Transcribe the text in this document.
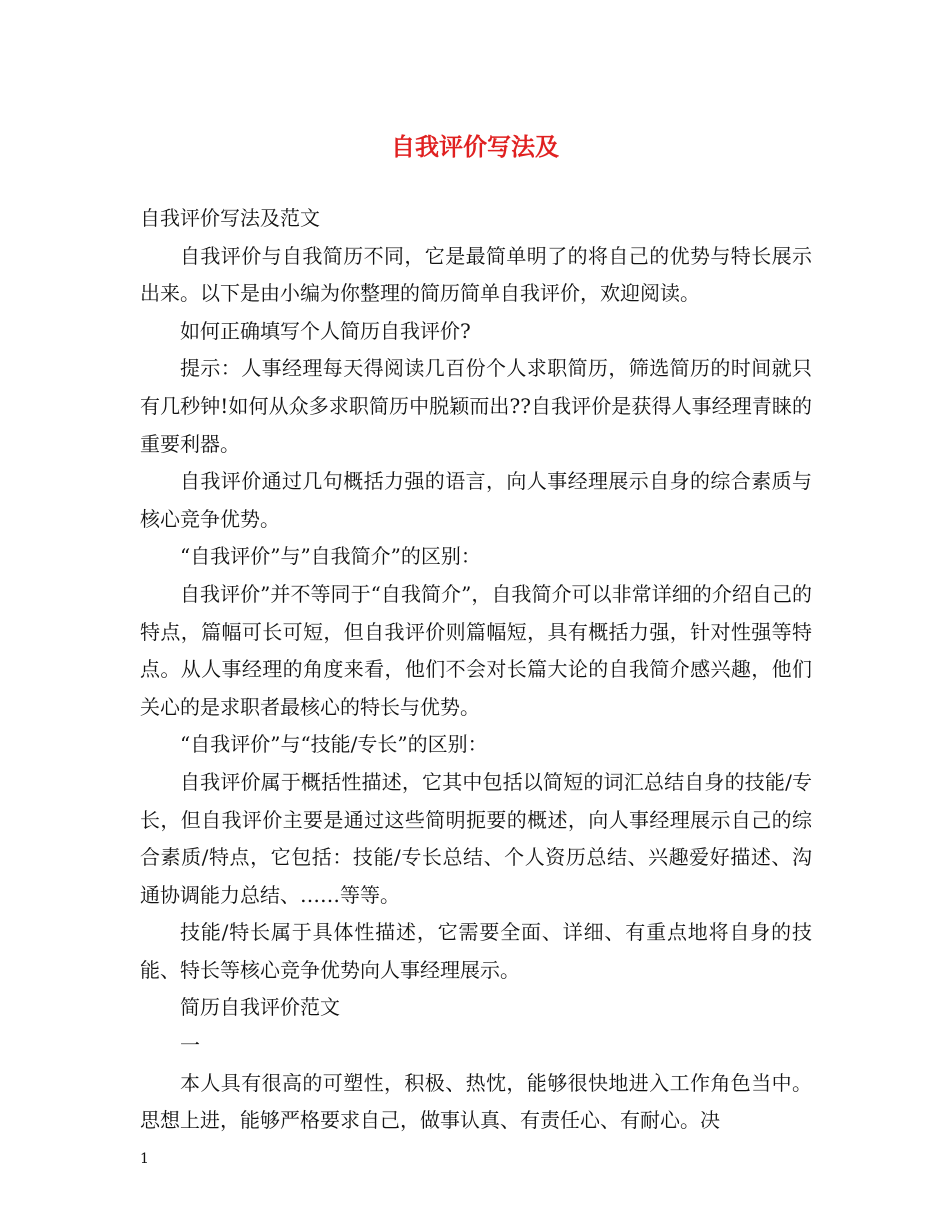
自我评价写法及

自我评价写法及范文

自我评价与自我简历不同，它是最简单明了的将自己的优势与特长展示出来。以下是由小编为你整理的简历简单自我评价，欢迎阅读。

如何正确填写个人简历自我评价?

提示：人事经理每天得阅读几百份个人求职简历，筛选简历的时间就只有几秒钟!如何从众多求职简历中脱颖而出??自我评价是获得人事经理青睐的重要利器。

自我评价通过几句概括力强的语言，向人事经理展示自身的综合素质与核心竞争优势。

“自我评价”与”自我简介”的区别：

自我评价”并不等同于“自我简介”，自我简介可以非常详细的介绍自己的特点，篇幅可长可短，但自我评价则篇幅短，具有概括力强，针对性强等特点。从人事经理的角度来看，他们不会对长篇大论的自我简介感兴趣，他们关心的是求职者最核心的特长与优势。

“自我评价”与“技能/专长”的区别：

自我评价属于概括性描述，它其中包括以简短的词汇总结自身的技能/专长，但自我评价主要是通过这些简明扼要的概述，向人事经理展示自己的综合素质/特点，它包括：技能/专长总结、个人资历总结、兴趣爱好描述、沟通协调能力总结、……等等。

技能/特长属于具体性描述，它需要全面、详细、有重点地将自身的技能、特长等核心竞争优势向人事经理展示。

简历自我评价范文

一

本人具有很高的可塑性，积极、热忱，能够很快地进入工作角色当中。思想上进，能够严格要求自己，做事认真、有责任心、有耐心。决

1
